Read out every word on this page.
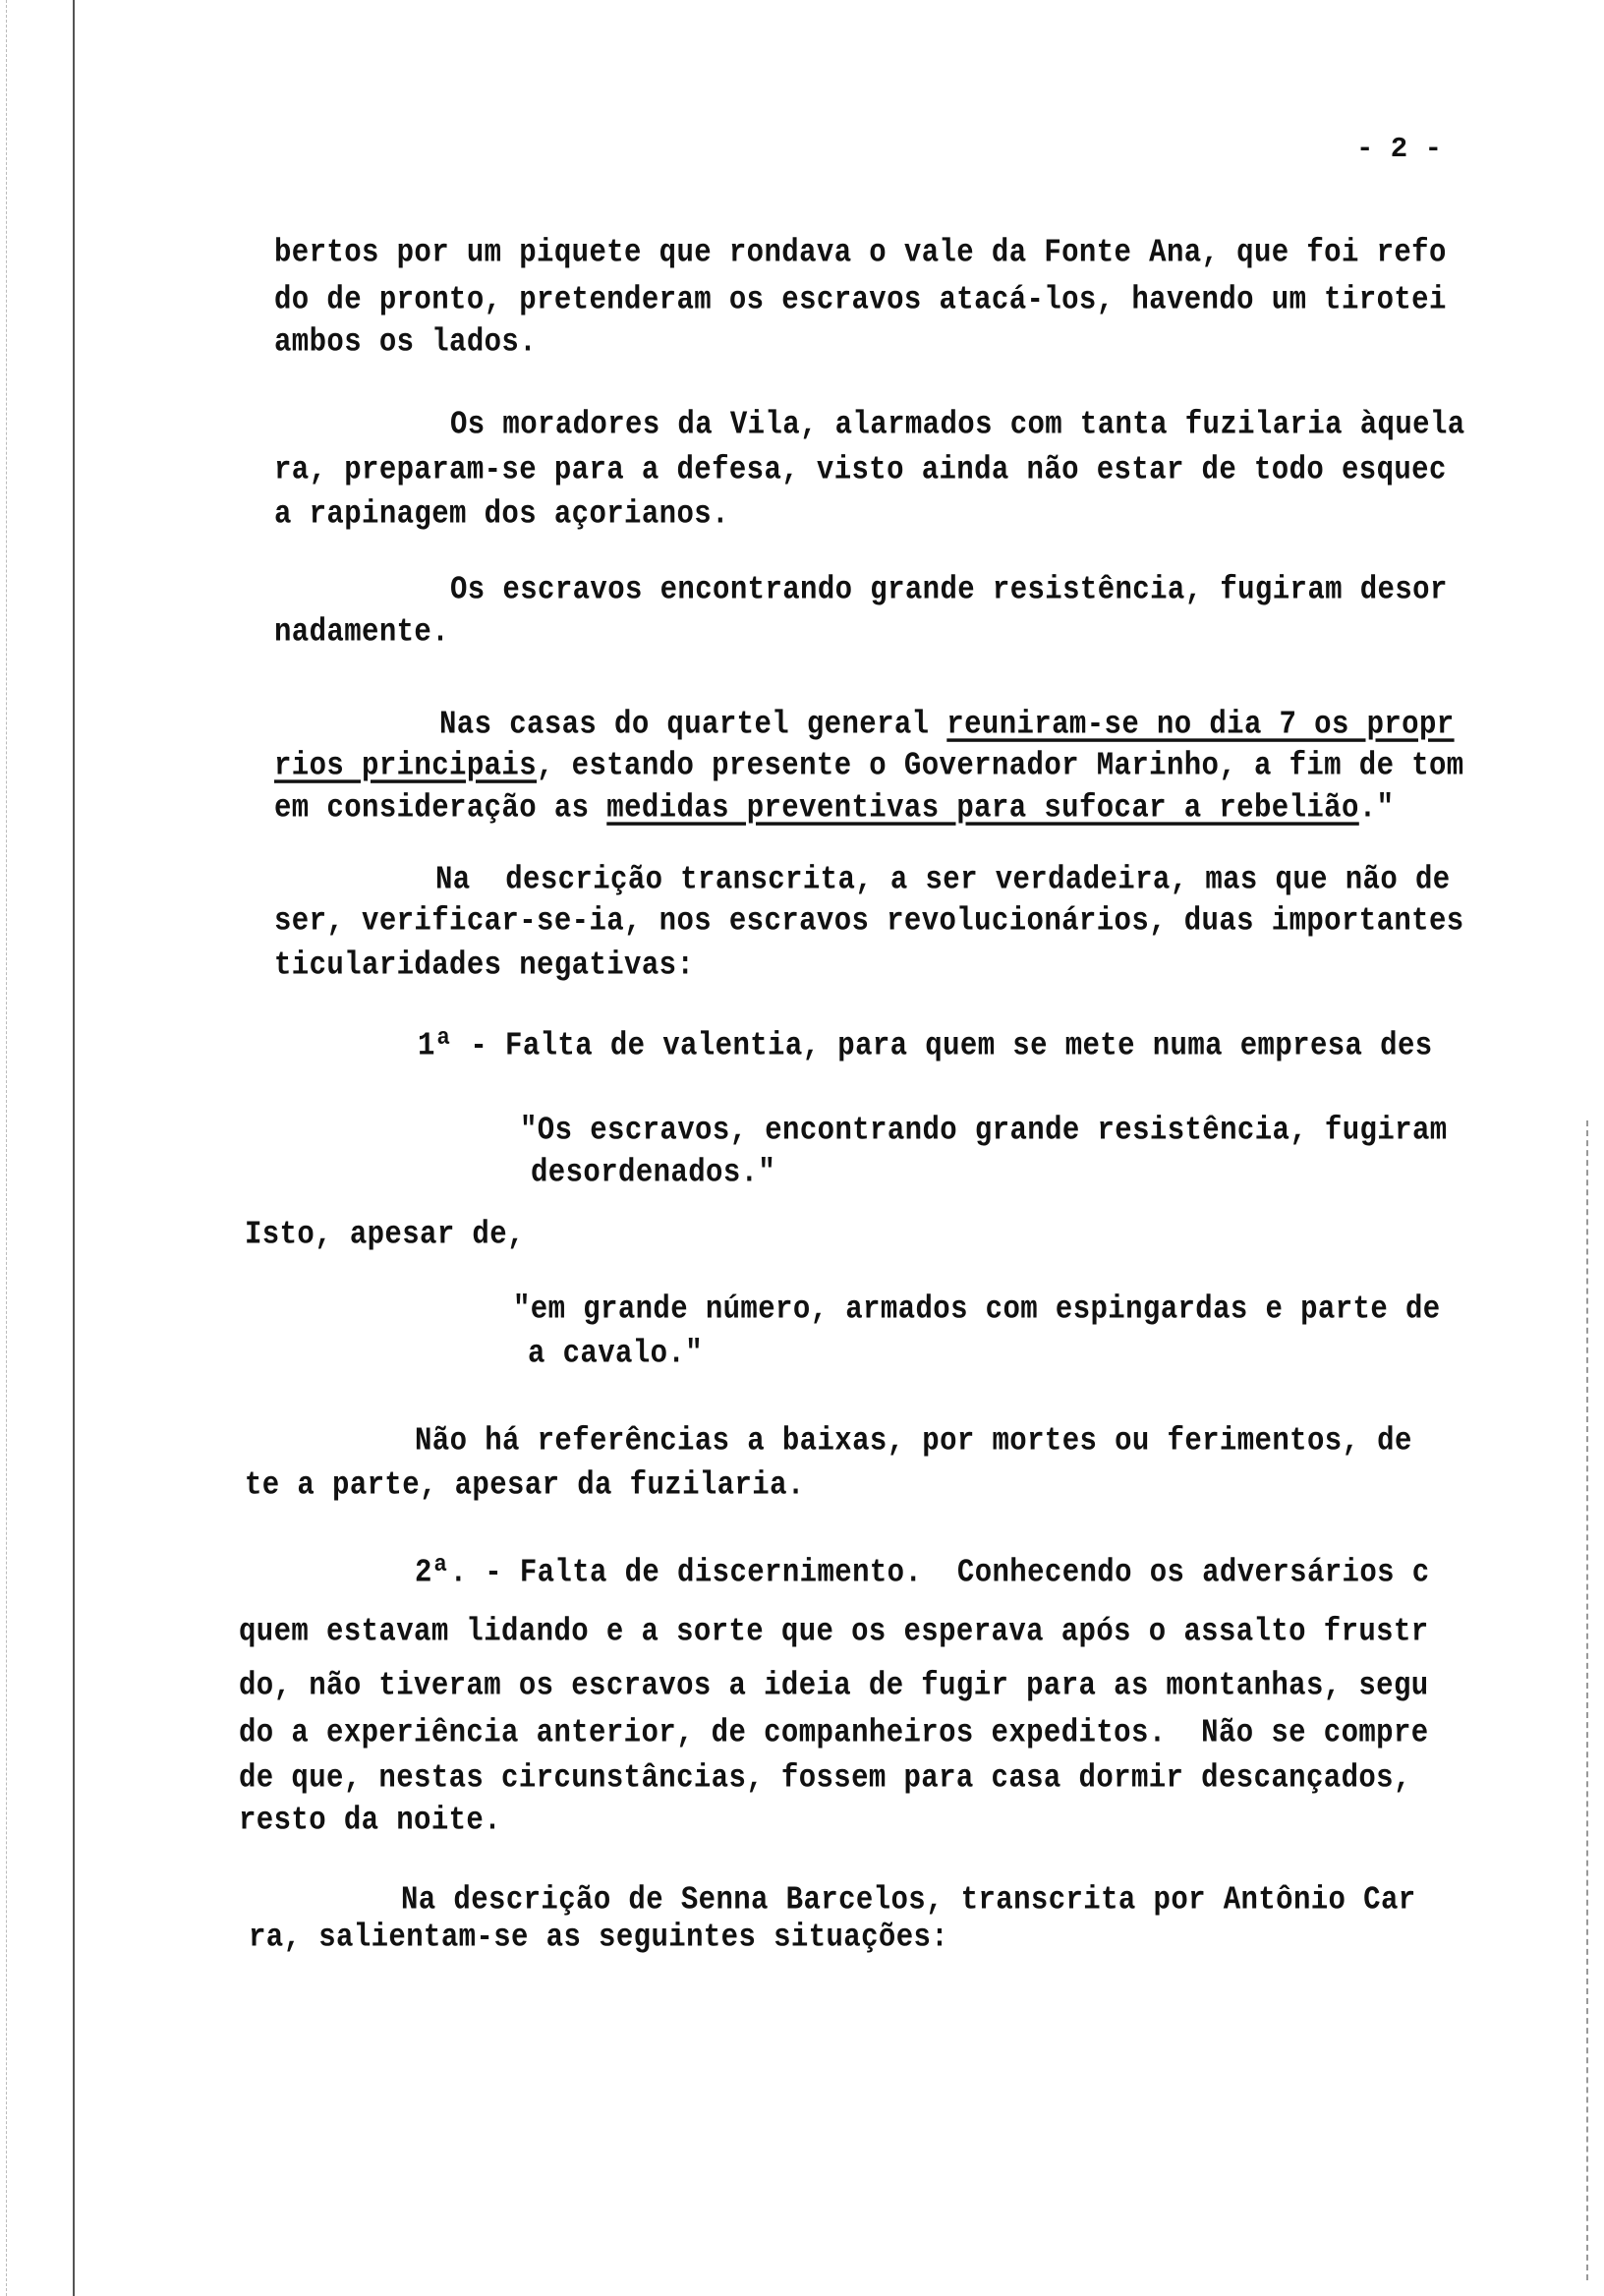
- 2 -
bertos por um piquete que rondava o vale da Fonte Ana, que foi refo
do de pronto, pretenderam os escravos atacá-los, havendo um tirotei
ambos os lados.
Os moradores da Vila, alarmados com tanta fuzilaria àquela
ra, preparam-se para a defesa, visto ainda não estar de todo esquec
a rapinagem dos açorianos.
Os escravos encontrando grande resistência, fugiram desor
nadamente.
Nas casas do quartel general reuniram-se no dia 7 os propr
rios principais, estando presente o Governador Marinho, a fim de tom
em consideração as medidas preventivas para sufocar a rebelião."
Na  descrição transcrita, a ser verdadeira, mas que não de
ser, verificar-se-ia, nos escravos revolucionários, duas importantes
ticularidades negativas:
1ª - Falta de valentia, para quem se mete numa empresa des
"Os escravos, encontrando grande resistência, fugiram
desordenados."
Isto, apesar de,
"em grande número, armados com espingardas e parte de
a cavalo."
Não há referências a baixas, por mortes ou ferimentos, de
te a parte, apesar da fuzilaria.
2ª. - Falta de discernimento.  Conhecendo os adversários c
quem estavam lidando e a sorte que os esperava após o assalto frustr
do, não tiveram os escravos a ideia de fugir para as montanhas, segu
do a experiência anterior, de companheiros expeditos.  Não se compre
de que, nestas circunstâncias, fossem para casa dormir descançados,
resto da noite.
Na descrição de Senna Barcelos, transcrita por Antônio Car
ra, salientam-se as seguintes situações:
